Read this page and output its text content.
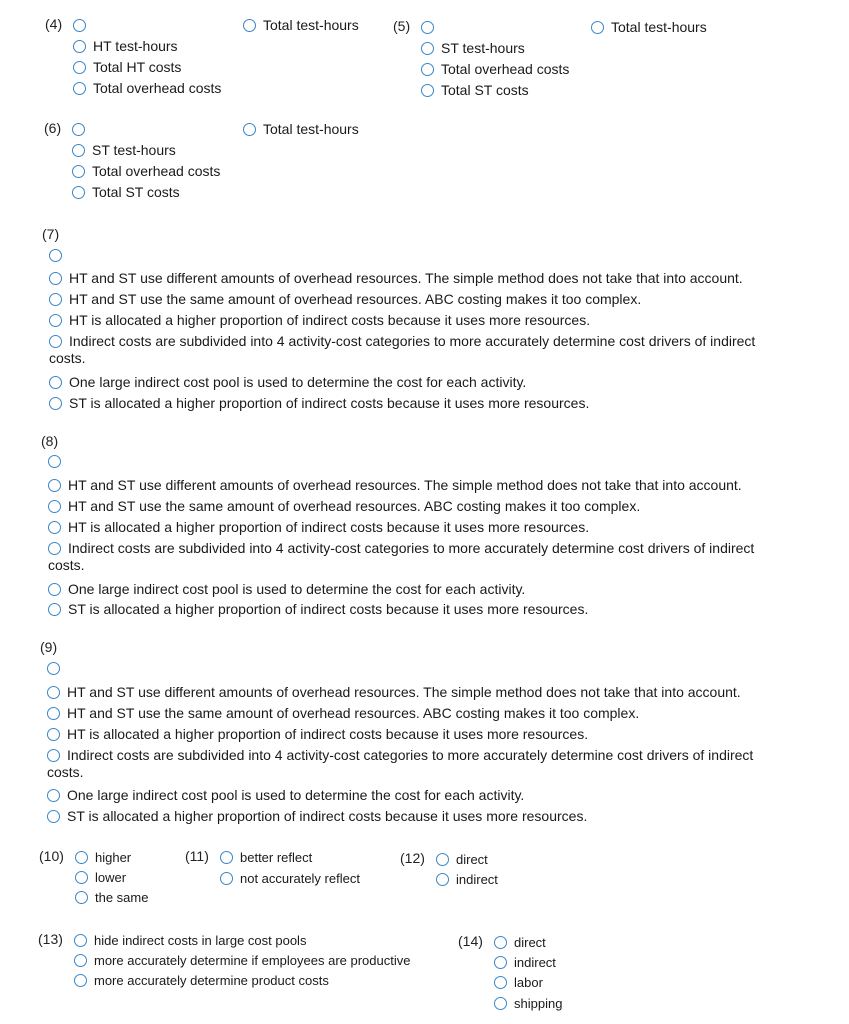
(4)	Total test-hours
HT test-hours
Total HT costs
Total overhead costs
(5)	Total test-hours
ST test-hours
Total overhead costs
Total ST costs
(6)	Total test-hours
ST test-hours
Total overhead costs
Total ST costs
(7)
HT and ST use different amounts of overhead resources. The simple method does not take that into account.
HT and ST use the same amount of overhead resources. ABC costing makes it too complex.
HT is allocated a higher proportion of indirect costs because it uses more resources.
Indirect costs are subdivided into 4 activity-cost categories to more accurately determine cost drivers of indirect
costs.
One large indirect cost pool is used to determine the cost for each activity.
ST is allocated a higher proportion of indirect costs because it uses more resources.
(8)
HT and ST use different amounts of overhead resources. The simple method does not take that into account.
HT and ST use the same amount of overhead resources. ABC costing makes it too complex.
HT is allocated a higher proportion of indirect costs because it uses more resources.
Indirect costs are subdivided into 4 activity-cost categories to more accurately determine cost drivers of indirect
costs.
One large indirect cost pool is used to determine the cost for each activity.
ST is allocated a higher proportion of indirect costs because it uses more resources.
(9)
HT and ST use different amounts of overhead resources. The simple method does not take that into account.
HT and ST use the same amount of overhead resources. ABC costing makes it too complex.
HT is allocated a higher proportion of indirect costs because it uses more resources.
Indirect costs are subdivided into 4 activity-cost categories to more accurately determine cost drivers of indirect
costs.
One large indirect cost pool is used to determine the cost for each activity.
ST is allocated a higher proportion of indirect costs because it uses more resources.
(10) higher
lower
the same
(11) better reflect
not accurately reflect
(12) direct
indirect
(13) hide indirect costs in large cost pools
more accurately determine if employees are productive
more accurately determine product costs
(14) direct
indirect
labor
shipping
